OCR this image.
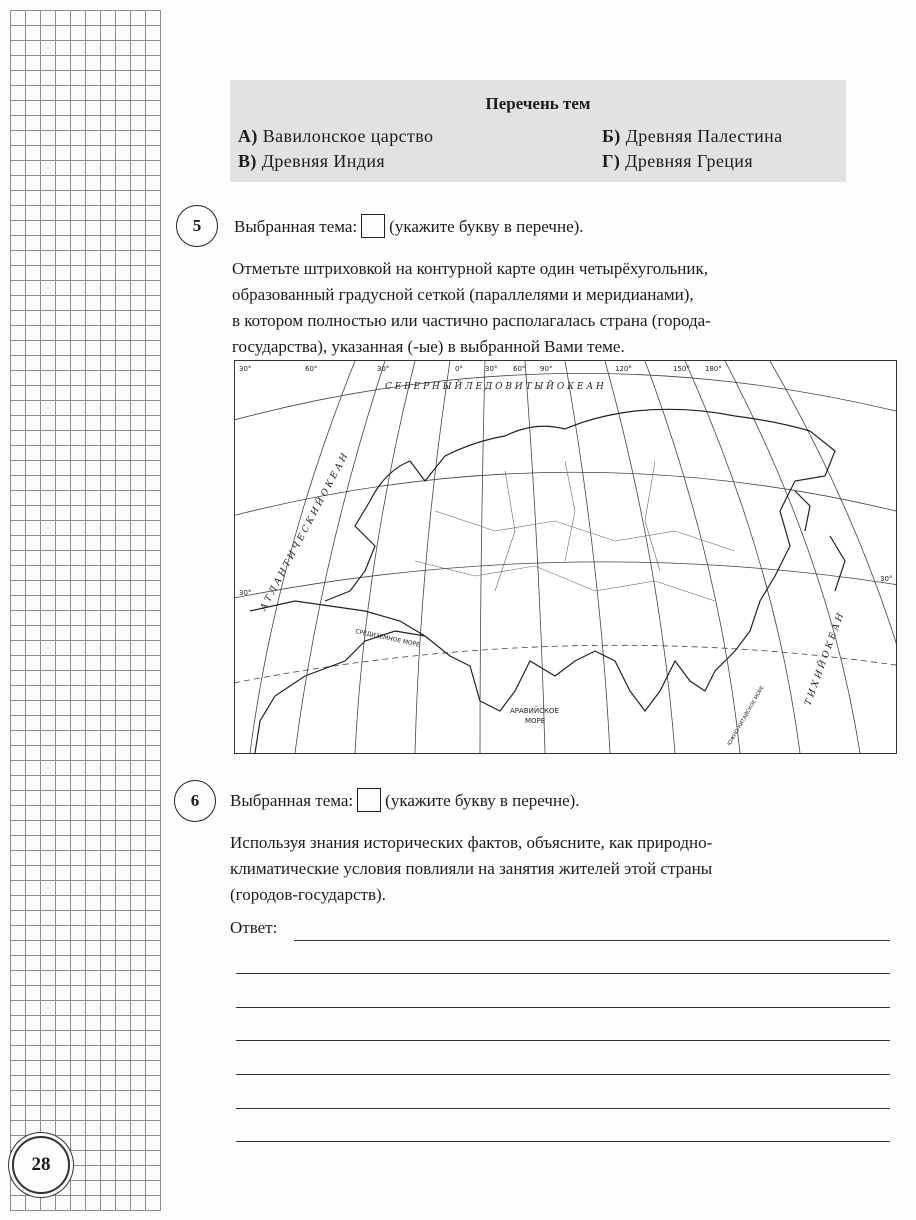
28
Перечень тем
А) Вавилонское царство	Б) Древняя Палестина
В) Древняя Индия	Г) Древняя Греция
5	Выбранная тема: (укажите букву в перечне).
Отметьте штриховкой на контурной карте один четырёхугольник,
образованный градусной сеткой (параллелями и меридианами),
в котором полностью или частично располагалась страна (города-
государства), указанная (-ые) в выбранной Вами теме.
30°	60°	30°	0°	30° 60° 90°	120°	150° 180°
30°
30°
С Е В Е Р Н Ы Й Л Е Д О В И Т Ы Й О К Е А Н
А Т Л А Н Т И Ч Е С К И Й О К Е А Н
Т И Х И Й О К Е А Н
СРЕДИЗЕМНОЕ МОРЕ
АРАВИЙСКОЕ
МОРЕ	ЮЖНО-КИТАЙСКОЕ МОРЕ
6	Выбранная тема: (укажите букву в перечне).
Используя знания исторических фактов, объясните, как природно-
климатические условия повлияли на занятия жителей этой страны
(городов-государств).
Ответ:
